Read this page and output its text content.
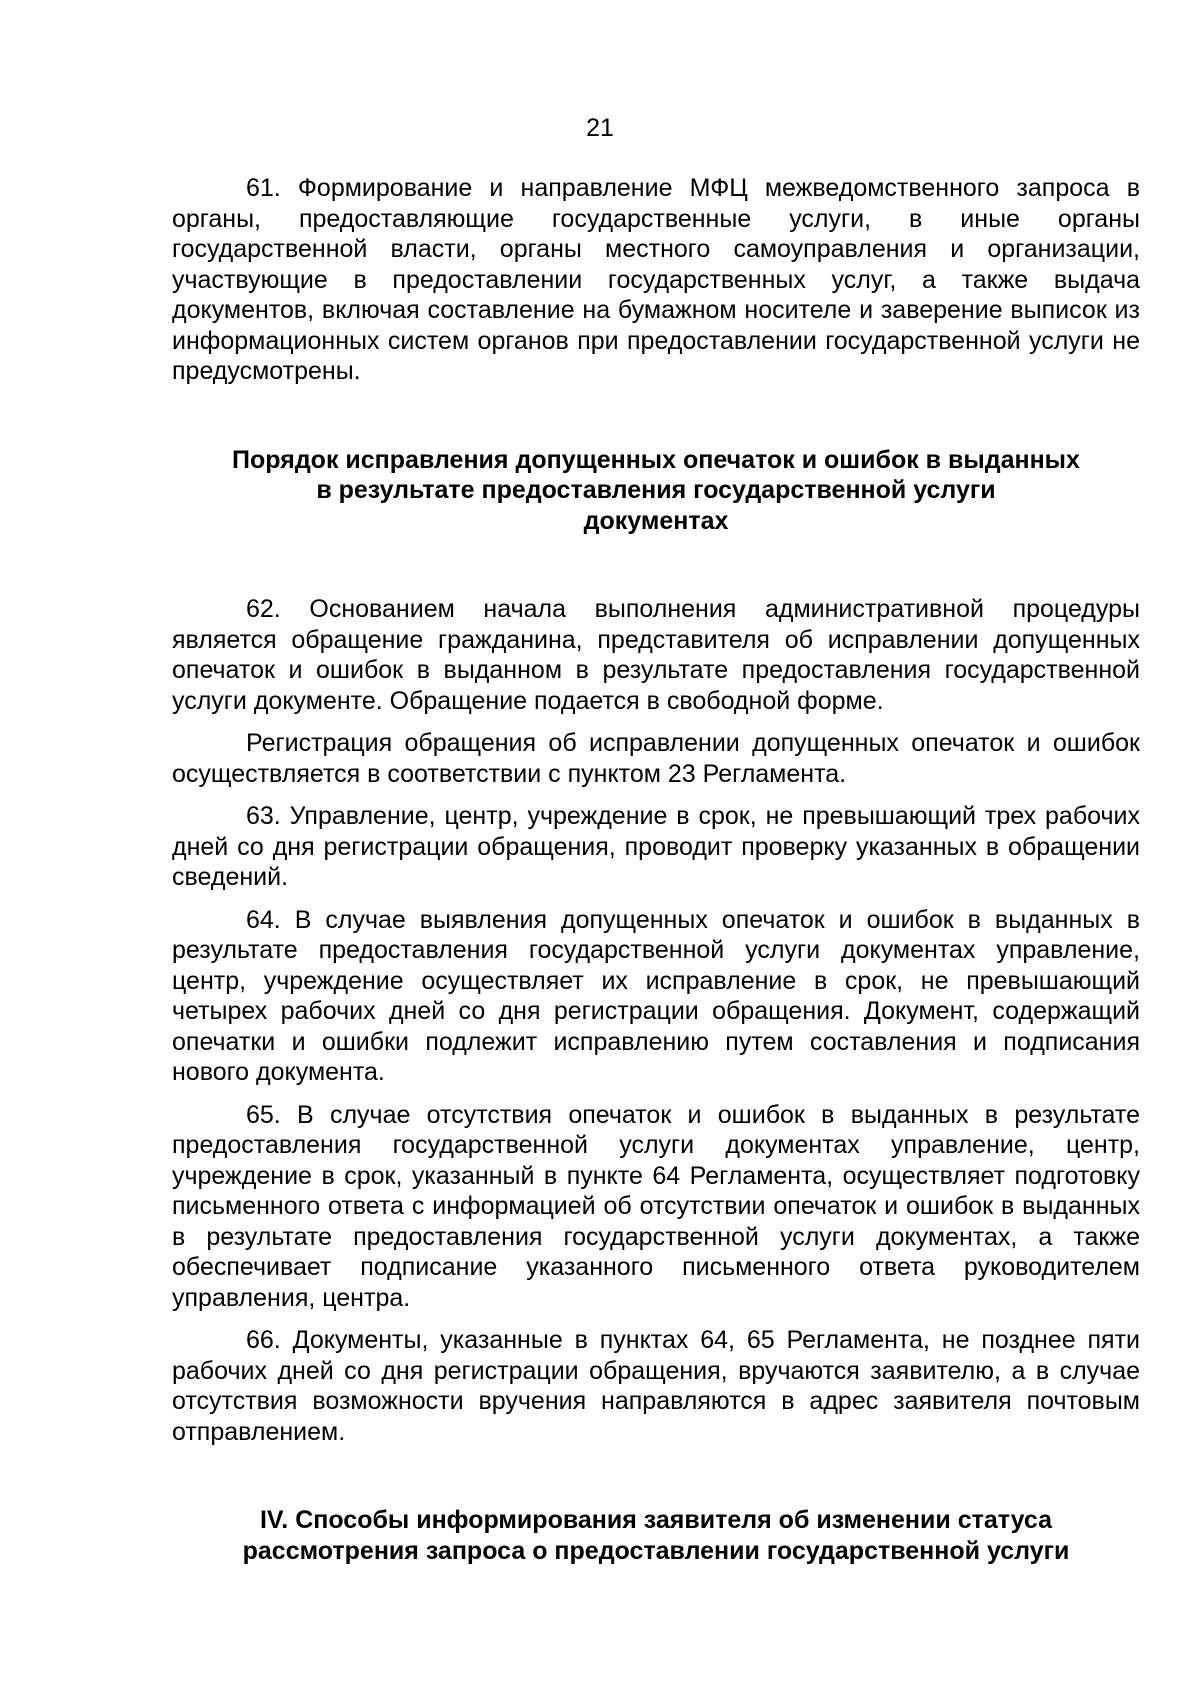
21

61. Формирование и направление МФЦ межведомственного запроса в органы, предоставляющие государственные услуги, в иные органы государственной власти, органы местного самоуправления и организации, участвующие в предоставлении государственных услуг, а также выдача документов, включая составление на бумажном носителе и заверение выписок из информационных систем органов при предоставлении государственной услуги не предусмотрены.

Порядок исправления допущенных опечаток и ошибок в выданных
в результате предоставления государственной услуги
документах

62. Основанием начала выполнения административной процедуры является обращение гражданина, представителя об исправлении допущенных опечаток и ошибок в выданном в результате предоставления государственной услуги документе. Обращение подается в свободной форме.

Регистрация обращения об исправлении допущенных опечаток и ошибок осуществляется в соответствии с пунктом 23 Регламента.

63. Управление, центр, учреждение в срок, не превышающий трех рабочих дней со дня регистрации обращения, проводит проверку указанных в обращении сведений.

64. В случае выявления допущенных опечаток и ошибок в выданных в результате предоставления государственной услуги документах управление, центр, учреждение осуществляет их исправление в срок, не превышающий четырех рабочих дней со дня регистрации обращения. Документ, содержащий опечатки и ошибки подлежит исправлению путем составления и подписания нового документа.

65. В случае отсутствия опечаток и ошибок в выданных в результате предоставления государственной услуги документах управление, центр, учреждение в срок, указанный в пункте 64 Регламента, осуществляет подготовку письменного ответа с информацией об отсутствии опечаток и ошибок в выданных в результате предоставления государственной услуги документах, а также обеспечивает подписание указанного письменного ответа руководителем управления, центра.

66. Документы, указанные в пунктах 64, 65 Регламента, не позднее пяти рабочих дней со дня регистрации обращения, вручаются заявителю, а в случае отсутствия возможности вручения направляются в адрес заявителя почтовым отправлением.

IV. Способы информирования заявителя об изменении статуса
рассмотрения запроса о предоставлении государственной услуги
